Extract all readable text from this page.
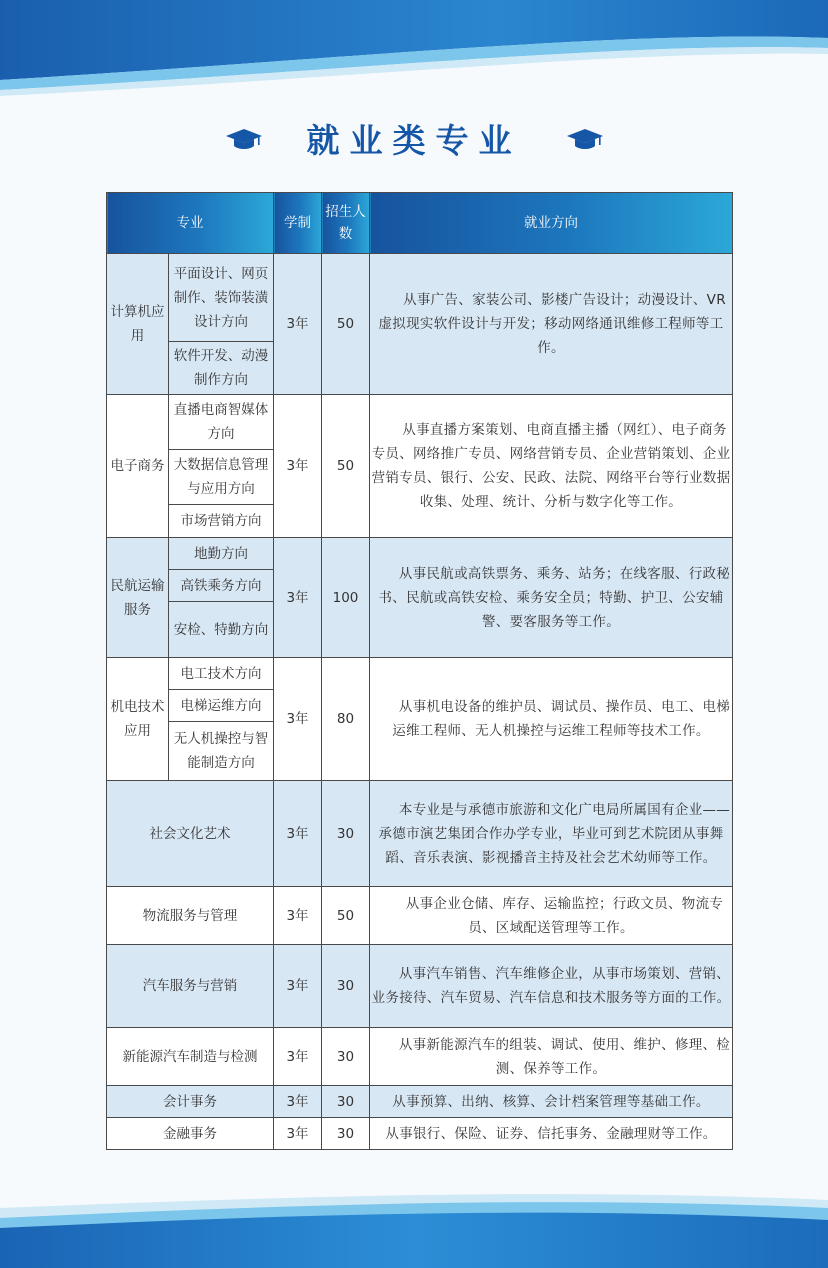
就业类专业
专业		学制	招生人数	就业方向
计算机应用	平面设计、网页制作、装饰装潢设计方向	3年	50	从事广告、家装公司、影楼广告设计；动漫设计、VR 虚拟现实软件设计与开发；移动网络通讯维修工程师等工作。

	软件开发、动漫制作方向			
电子商务	直播电商智媒体方向	3年	50	从事直播方案策划、电商直播主播（网红）、电子商务专员、网络推广专员、网络营销专员、企业营销策划、企业营销专员、银行、公安、民政、法院、网络平台等行业数据收集、处理、统计、分析与数字化等工作。

	大数据信息管理与应用方向			
	市场营销方向			
民航运输服务	地勤方向	3年	100	从事民航或高铁票务、乘务、站务；在线客服、行政秘书、民航或高铁安检、乘务安全员；特勤、护卫、公安辅警、要客服务等工作。

	高铁乘务方向			
	安检、特勤方向			
机电技术应用	电工技术方向	3年	80	从事机电设备的维护员、调试员、操作员、电工、电梯运维工程师、无人机操控与运维工程师等技术工作。

	电梯运维方向			
	无人机操控与智能制造方向			
社会文化艺术		3年	30	本专业是与承德市旅游和文化广电局所属国有企业——承德市演艺集团合作办学专业，毕业可到艺术院团从事舞蹈、音乐表演、影视播音主持及社会艺术幼师等工作。

物流服务与管理		3年	50	从事企业仓储、库存、运输监控；行政文员、物流专员、区域配送管理等工作。

汽车服务与营销		3年	30	从事汽车销售、汽车维修企业，从事市场策划、营销、业务接待、汽车贸易、汽车信息和技术服务等方面的工作。

新能源汽车制造与检测		3年	30	从事新能源汽车的组装、调试、使用、维护、修理、检测、保养等工作。

会计事务		3年	30	从事预算、出纳、核算、会计档案管理等基础工作。

金融事务		3年	30	从事银行、保险、证券、信托事务、金融理财等工作。
